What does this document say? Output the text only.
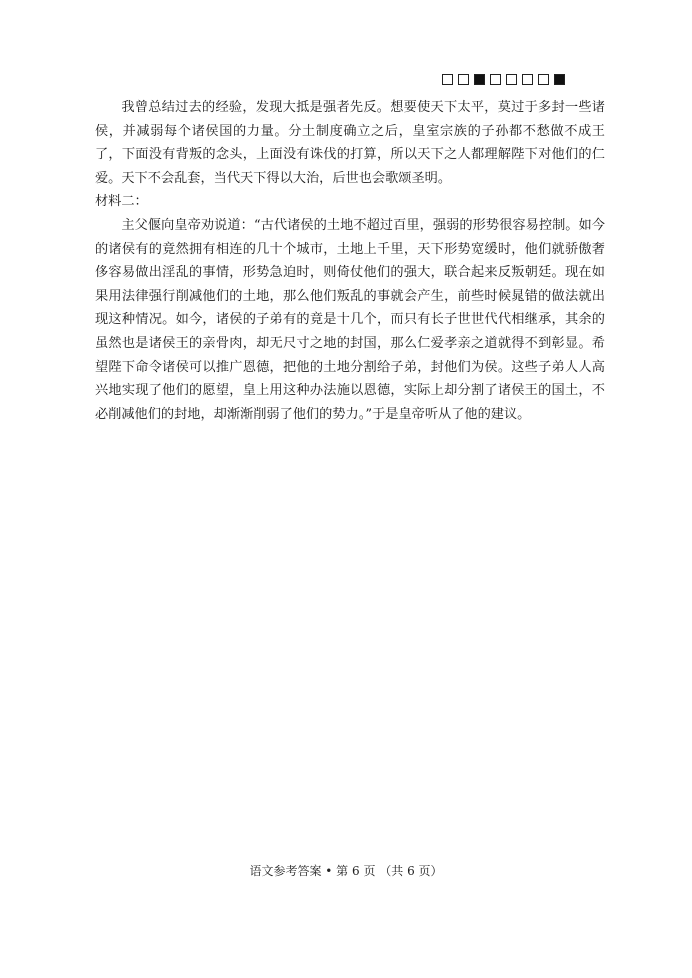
我曾总结过去的经验，发现大抵是强者先反。想要使天下太平，莫过于多封一些诸侯，并减弱每个诸侯国的力量。分土制度确立之后，皇室宗族的子孙都不愁做不成王了，下面没有背叛的念头，上面没有诛伐的打算，所以天下之人都理解陛下对他们的仁爱。天下不会乱套，当代天下得以大治，后世也会歌颂圣明。

材料二：

主父偃向皇帝劝说道：“古代诸侯的土地不超过百里，强弱的形势很容易控制。如今的诸侯有的竟然拥有相连的几十个城市，土地上千里，天下形势宽缓时，他们就骄傲奢侈容易做出淫乱的事情，形势急迫时，则倚仗他们的强大，联合起来反叛朝廷。现在如果用法律强行削减他们的土地，那么他们叛乱的事就会产生，前些时候晁错的做法就出现这种情况。如今，诸侯的子弟有的竟是十几个，而只有长子世世代代相继承，其余的虽然也是诸侯王的亲骨肉，却无尺寸之地的封国，那么仁爱孝亲之道就得不到彰显。希望陛下命令诸侯可以推广恩德，把他的土地分割给子弟，封他们为侯。这些子弟人人高兴地实现了他们的愿望，皇上用这种办法施以恩德，实际上却分割了诸侯王的国土，不必削减他们的封地，却渐渐削弱了他们的势力。”于是皇帝听从了他的建议。

语文参考答案 • 第 6 页 （共 6 页）
